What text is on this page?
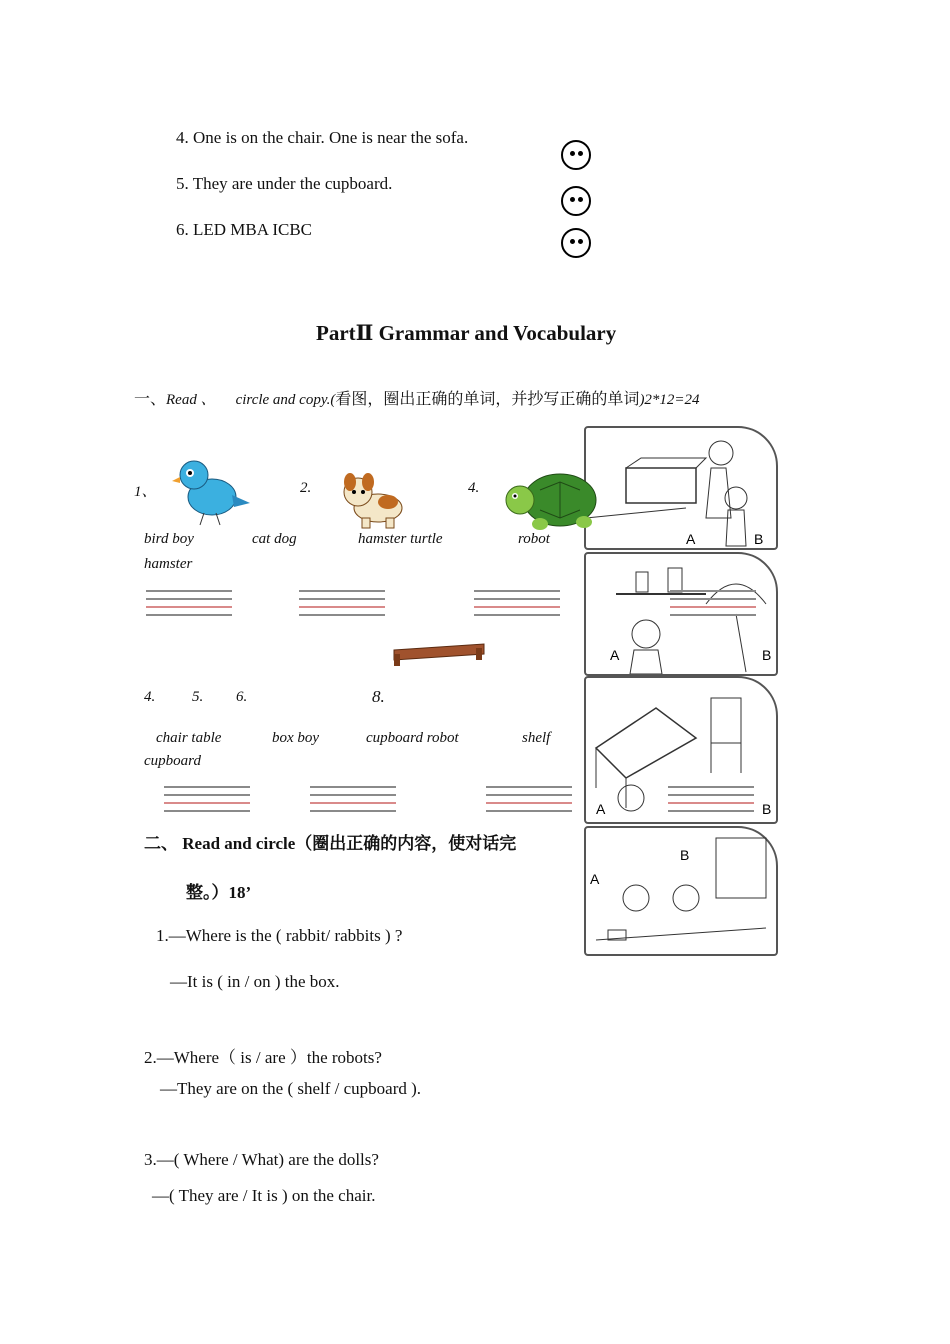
4. One is on the chair. One is near the sofa.
5. They are under the cupboard.
6. LED MBA ICBC
PartⅡ Grammar and Vocabulary
一、Read 、 circle and copy.(看图，圈出正确的单词，并抄写正确的单词)2*12=24
A	B
A	B
A	B
A
B
1、	2.	4.
bird boy	cat dog	hamster turtle	robot
hamster
4. 5. 6.	8.
chair table	box boy	cupboard robot	shelf
cupboard
二、 Read and circle（圈出正确的内容，使对话完
整。）18’
1.—Where is the ( rabbit/ rabbits ) ?
—It is ( in / on ) the box.
2.—Where（ is / are ）the robots?
—They are on the ( shelf / cupboard ).
3.—( Where / What) are the dolls?
—( They are / It is ) on the chair.
